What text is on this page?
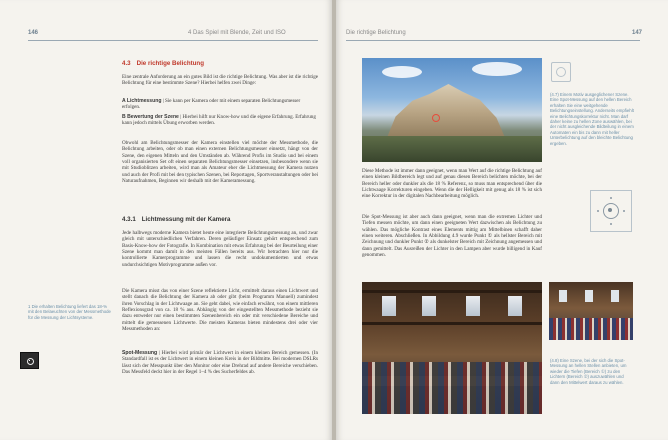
146	4 Das Spiel mit Blende, Zeit und ISO
4.3 Die richtige Belichtung
Eine zentrale Anforderung an ein gutes Bild ist die richtige Belichtung. Was aber ist die richtige Belichtung für eine bestimmte Szene? Hierbei helfen zwei Dinge:
A Lichtmessung | Sie kann per Kamera oder mit einem separaten Belichtungsmesser erfolgen.
B Bewertung der Szene | Hierbei hilft nur Know-how und die eigene Erfahrung. Erfahrung kann jedoch mittels Übung erworben werden.
Obwohl am Belichtungsmesser der Kamera einstellen viel möchte der Messmethode, die Belichtung arbeiten, oder ob man einen externen Belichtungsmesser einsetzt, hängt von der Szene, den eigenen Mitteln und den Umständen ab. Während Profis im Studio und bei einem voll organisierten Set oft einen separaten Belichtungsmesser einsetzen, insbesondere wenn sie mit Studioblitzen arbeiten, wird man als Amateur eher die Lichtmessung der Kamera nutzen und auch der Profi mit bei den typischen Szenen, bei Reportagen, Sportveranstaltungen oder bei Naturaufnahmen, Beginnen wir deshalb mit der Kameramessung.
4.3.1 Lichtmessung mit der Kamera
Jede halbwegs moderne Kamera bietet heute eine integrierte Belichtungsmessung an, und zwar gleich mit unterschiedlichen Verfahren. Deren geläufiger Einsatz gehört entsprechend zum Basis-Know-how der Fotografie. In Kombination mit etwas Erfahrung bei der Beurteilung einer Szene kommt man damit in den meisten Fällen bereits aus. Wir betrachten hier nur die kontrollierte Kamerprogramme und lassen die recht undokumentierten und etwas undurchsichtigen Motivprogramme außen vor.
Die Kamera misst das von einer Szene reflektierte Licht, ermittelt daraus einen Lichtwert und stellt danach die Belichtung der Kamera ab oder gibt (beim Programm Manuell) zumindest ihren Vorschlag in der Lichtwaage an. Sie geht dabei, wie einfach erwähnt, von einem mittleren Reflexionsgrad von ca. 18 % aus. Abhängig von der eingestellten Messmethode bezieht sie dazu entweder nur einen bestimmten Szenenbereich ein oder mit verschiedene Bereiche und mittelt die gemessenen Lichtwerte. Die meisten Kameras bieten mindestens drei oder vier Messmethoden an:
1 Die erhalten Belichtung liefert das 18-% mit den Belaeuchten von der Messmethode für die Messung der Lichtsysteme.
Spot-Messung | Hierbei wird primär der Lichtwert in einem kleinen Bereich gemessen. (In Standardfall ist es der Lichtwert in einem kleinen Kreis in der Bildmitte. Bei modernen DSLRs lässt sich der Messpunkt über den Monitor oder eine Drehrad auf andere Bereiche verschieben. Das Messfeld deckt hier in der Regel 1–4 % des Sucherfeldes ab.
Die richtige Belichtung	147
Diese Methode ist immer dann geeignet, wenn man Wert auf die richtige Belichtung auf einen kleinen Bildbereich legt und auf genau diesen Bereich belichten möchte, bei der Bereich heller oder dunkler als die 18 % Referenz, so muss man entsprechend über die Lichtwaage Korrekturen eingeben. Wenn die der Helligkeit mit genug als 18 % ist sich eine Korrektur in der digitalen Nachbearbeitung möglich.
Die Spot-Messung ist aber auch dann geeignet, wenn man die extremen Lichter und Tiefen messen möchte, um dann einen geeigneten Wert dazwischen als Belichtung zu wählen. Das mögliche Kontrast eines Elements mittig am Mittelbinen schafft daher einen weiteren. Abschließen. In Abbildung 4.9 wurde Punkt ① als hellster Bereich mit Zeichnung und dunkler Punkt ② als dunkelster Bereich mit Zeichnung angemessen und dann gemittelt. Das Ausreißen der Lichter in den Lampen aber wurde billigend in Kauf genommen.
(4.7) Einem Motiv ausgeglichener Szene. Eine Spot-Messung auf den hellen Bereich erhalten Sie eine weitgehende Belichtungseinstellung. Anderseits empfiehlt eine Belichtungskorrektur nicht. Man darf daher keine zu hellen Zone auswählen, bei der nicht ausgleichende Bildteilung in einem Automaten ein bis zu dann mit heller Unterbelichtung auf den bleichte Belichtung ergeben.
(4.8) Eine Szene, bei der sich die Spot-Messung an hellen Stellen anbieten, um wieder die Tiefen (Bereich ①) zu den Lichtern (Bereich ②) auszuwählen und dann den Mittelwert daraus zu wählen.
